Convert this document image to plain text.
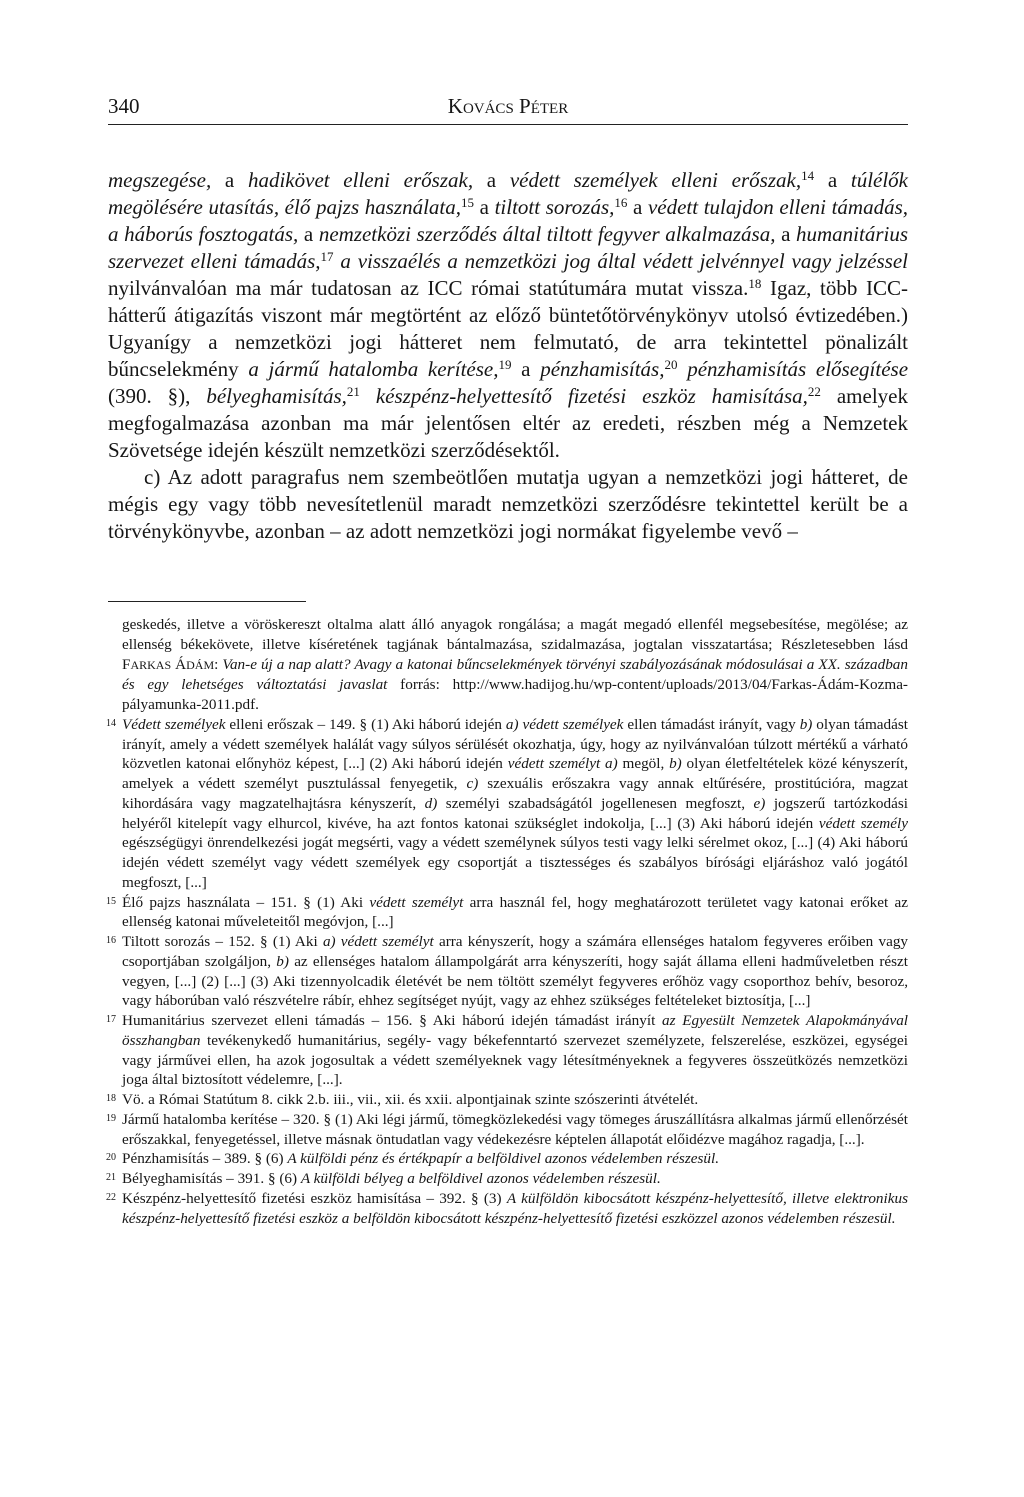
340	KOVÁCS PÉTER

megszegése, a hadikövet elleni erőszak, a védett személyek elleni erőszak,$^{14}$ a túlélők megölésére utasítás, élő pajzs használata,$^{15}$ a tiltott sorozás,$^{16}$ a védett tulajdon elleni támadás, a háborús fosztogatás, a nemzetközi szerződés által tiltott fegyver alkalmazása, a humanitárius szervezet elleni támadás,$^{17}$ a visszaélés a nemzetközi jog által védett jelvénnyel vagy jelzéssel nyilvánvalóan ma már tudatosan az ICC római statútumára mutat vissza.$^{18}$ Igaz, több ICC-hátterű átigazítás viszont már megtörtént az előző büntetőtörvénykönyv utolsó évtizedében.) Ugyanígy a nemzetközi jogi hátteret nem felmutató, de arra tekintettel pönalizált bűncselekmény a jármű hatalomba kerítése,$^{19}$ a pénzhamisítás,$^{20}$ pénzhamisítás elősegítése (390. §), bélyeghamisítás,$^{21}$ készpénz-helyettesítő fizetési eszköz hamisítása,$^{22}$ amelyek megfogalmazása azonban ma már jelentősen eltér az eredeti, részben még a Nemzetek Szövetsége idején készült nemzetközi szerződésektől.

c) Az adott paragrafus nem szembeötlően mutatja ugyan a nemzetközi jogi hátteret, de mégis egy vagy több nevesítetlenül maradt nemzetközi szerződésre tekintettel került be a törvénykönyvbe, azonban – az adott nemzetközi jogi normákat figyelembe vevő –

geskedés, illetve a vöröskereszt oltalma alatt álló anyagok rongálása; a magát megadó ellenfél megsebesítése, megölése; az ellenség békekövete, illetve kíséretének tagjának bántalmazása, szidalmazása, jogtalan visszatartása; Részletesebben lásd FARKAS ÁDÁM: Van-e új a nap alatt? Avagy a katonai bűncselekmények törvényi szabályozásának módosulásai a XX. században és egy lehetséges változtatási javaslat forrás: http://www.hadijog.hu/wp-content/uploads/2013/04/Farkas-Ádám-Kozma-pályamunka-2011.pdf.

14 Védett személyek elleni erőszak – 149. § (1) Aki háború idején a) védett személyek ellen támadást irányít, vagy b) olyan támadást irányít, amely a védett személyek halálát vagy súlyos sérülését okozhatja, úgy, hogy az nyilvánvalóan túlzott mértékű a várható közvetlen katonai előnyhöz képest, [...] (2) Aki háború idején védett személyt a) megöl, b) olyan életfeltételek közé kényszerít, amelyek a védett személyt pusztulással fenyegetik, c) szexuális erőszakra vagy annak eltűrésére, prostitúcióra, magzat kihordására vagy magzatelhajtásra kényszerít, d) személyi szabadságától jogellenesen megfoszt, e) jogszerű tartózkodási helyéről kitelepít vagy elhurcol, kivéve, ha azt fontos katonai szükséglet indokolja, [...] (3) Aki háború idején védett személy egészségügyi önrendelkezési jogát megsérti, vagy a védett személynek súlyos testi vagy lelki sérelmet okoz, [...] (4) Aki háború idején védett személyt vagy védett személyek egy csoportját a tisztességes és szabályos bírósági eljáráshoz való jogától megfoszt, [...]

15 Élő pajzs használata – 151. § (1) Aki védett személyt arra használ fel, hogy meghatározott területet vagy katonai erőket az ellenség katonai műveleteitől megóvjon, [...]

16 Tiltott sorozás – 152. § (1) Aki a) védett személyt arra kényszerít, hogy a számára ellenséges hatalom fegyveres erőiben vagy csoportjában szolgáljon, b) az ellenséges hatalom állampolgárát arra kényszeríti, hogy saját állama elleni hadműveletben részt vegyen, [...] (2) [...] (3) Aki tizennyolcadik életévét be nem töltött személyt fegyveres erőhöz vagy csoporthoz behív, besoroz, vagy háborúban való részvételre rábír, ehhez segítséget nyújt, vagy az ehhez szükséges feltételeket biztosítja, [...]

17 Humanitárius szervezet elleni támadás – 156. § Aki háború idején támadást irányít az Egyesült Nemzetek Alapokmányával összhangban tevékenykedő humanitárius, segély- vagy békefenntartó szervezet személyzete, felszerelése, eszközei, egységei vagy járművei ellen, ha azok jogosultak a védett személyeknek vagy létesítményeknek a fegyveres összeütközés nemzetközi joga által biztosított védelemre, [...].

18 Vö. a Római Statútum 8. cikk 2.b. iii., vii., xii. és xxii. alpontjainak szinte szószerinti átvételét.

19 Jármű hatalomba kerítése – 320. § (1) Aki légi jármű, tömegközlekedési vagy tömeges áruszállításra alkalmas jármű ellenőrzését erőszakkal, fenyegetéssel, illetve másnak öntudatlan vagy védekezésre képtelen állapotát előidézve magához ragadja, [...].

20 Pénzhamisítás – 389. § (6) A külföldi pénz és értékpapír a belföldivel azonos védelemben részesül.

21 Bélyeghamisítás – 391. § (6) A külföldi bélyeg a belföldivel azonos védelemben részesül.

22 Készpénz-helyettesítő fizetési eszköz hamisítása – 392. § (3) A külföldön kibocsátott készpénz-helyettesítő, illetve elektronikus készpénz-helyettesítő fizetési eszköz a belföldön kibocsátott készpénz-helyettesítő fizetési eszközzel azonos védelemben részesül.
